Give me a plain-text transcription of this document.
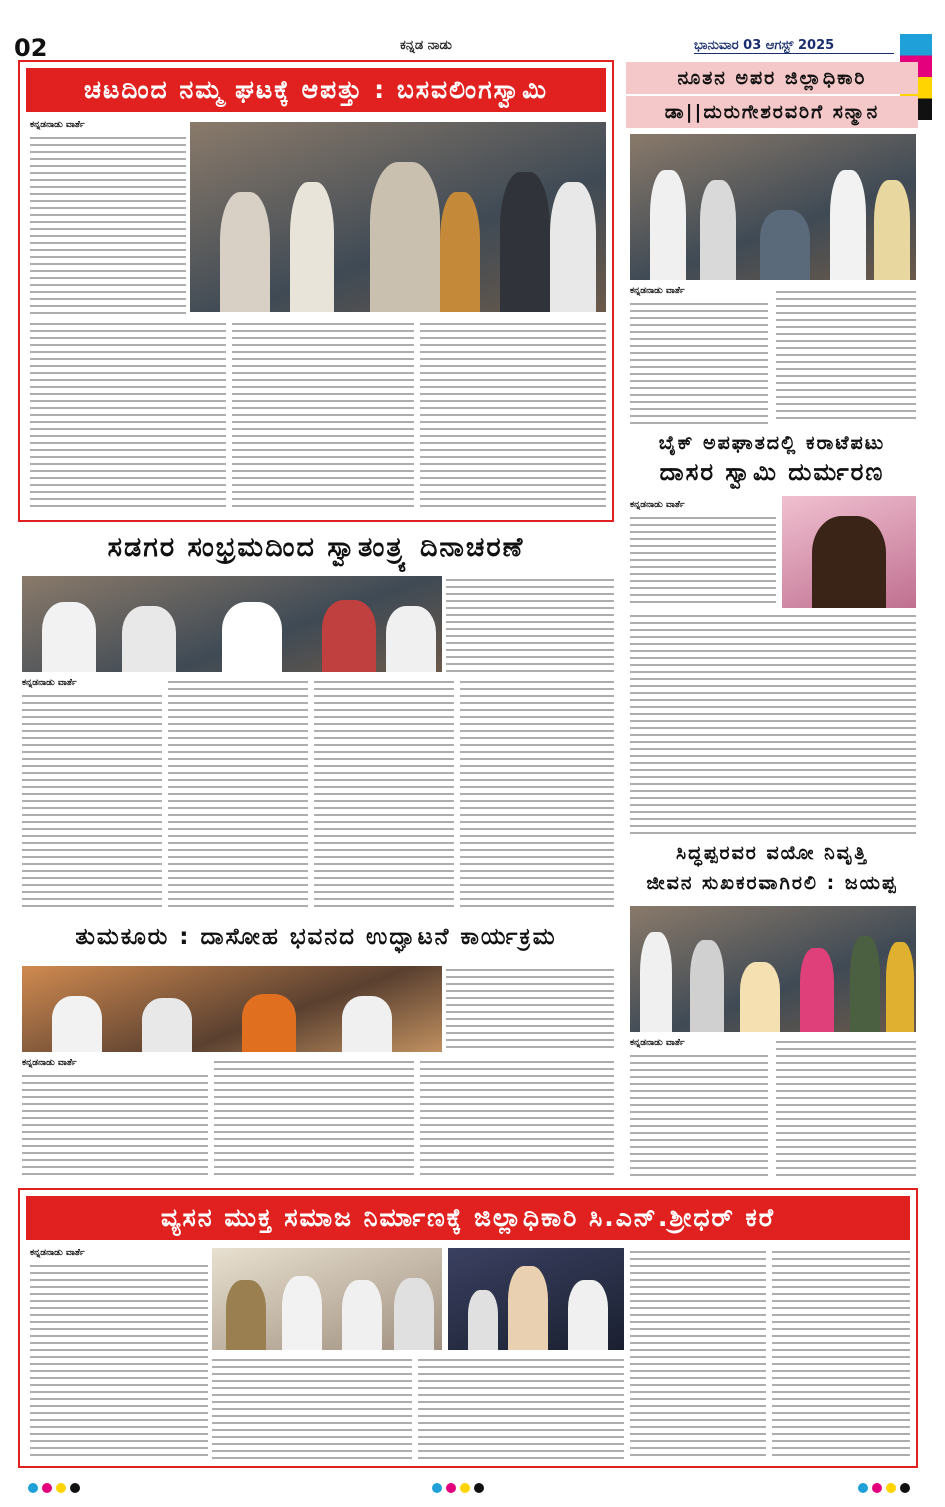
02	ಕನ್ನಡ ನಾಡು	ಭಾನುವಾರ 03 ಆಗಸ್ಟ್ 2025
ಚಟದಿಂದ ನಮ್ಮ ಘಟಕ್ಕೆ ಆಪತ್ತು : ಬಸವಲಿಂಗಸ್ವಾಮಿ
ಕನ್ನಡನಾಡು ವಾರ್ತೆ
ನೂತನ ಅಪರ ಜಿಲ್ಲಾಧಿಕಾರಿ
ಡಾ||ದುರುಗೇಶರವರಿಗೆ ಸನ್ಮಾನ
ಕನ್ನಡನಾಡು ವಾರ್ತೆ
ಬೈಕ್ ಅಪಘಾತದಲ್ಲಿ ಕರಾಟೆಪಟು
ದಾಸರ ಸ್ವಾಮಿ ದುರ್ಮರಣ
ಕನ್ನಡನಾಡು ವಾರ್ತೆ
ಸಡಗರ ಸಂಭ್ರಮದಿಂದ ಸ್ವಾತಂತ್ರ್ಯ ದಿನಾಚರಣೆ
ಕನ್ನಡನಾಡು ವಾರ್ತೆ
ಸಿದ್ಧಪ್ಪರವರ ವಯೋ ನಿವೃತ್ತಿ
ಜೀವನ ಸುಖಕರವಾಗಿರಲಿ : ಜಯಪ್ಪ
ಕನ್ನಡನಾಡು ವಾರ್ತೆ
ತುಮಕೂರು : ದಾಸೋಹ ಭವನದ ಉದ್ಘಾಟನೆ ಕಾರ್ಯಕ್ರಮ
ಕನ್ನಡನಾಡು ವಾರ್ತೆ
ವ್ಯಸನ ಮುಕ್ತ ಸಮಾಜ ನಿರ್ಮಾಣಕ್ಕೆ ಜಿಲ್ಲಾಧಿಕಾರಿ ಸಿ.ಎನ್.ಶ್ರೀಧರ್ ಕರೆ
ಕನ್ನಡನಾಡು ವಾರ್ತೆ
